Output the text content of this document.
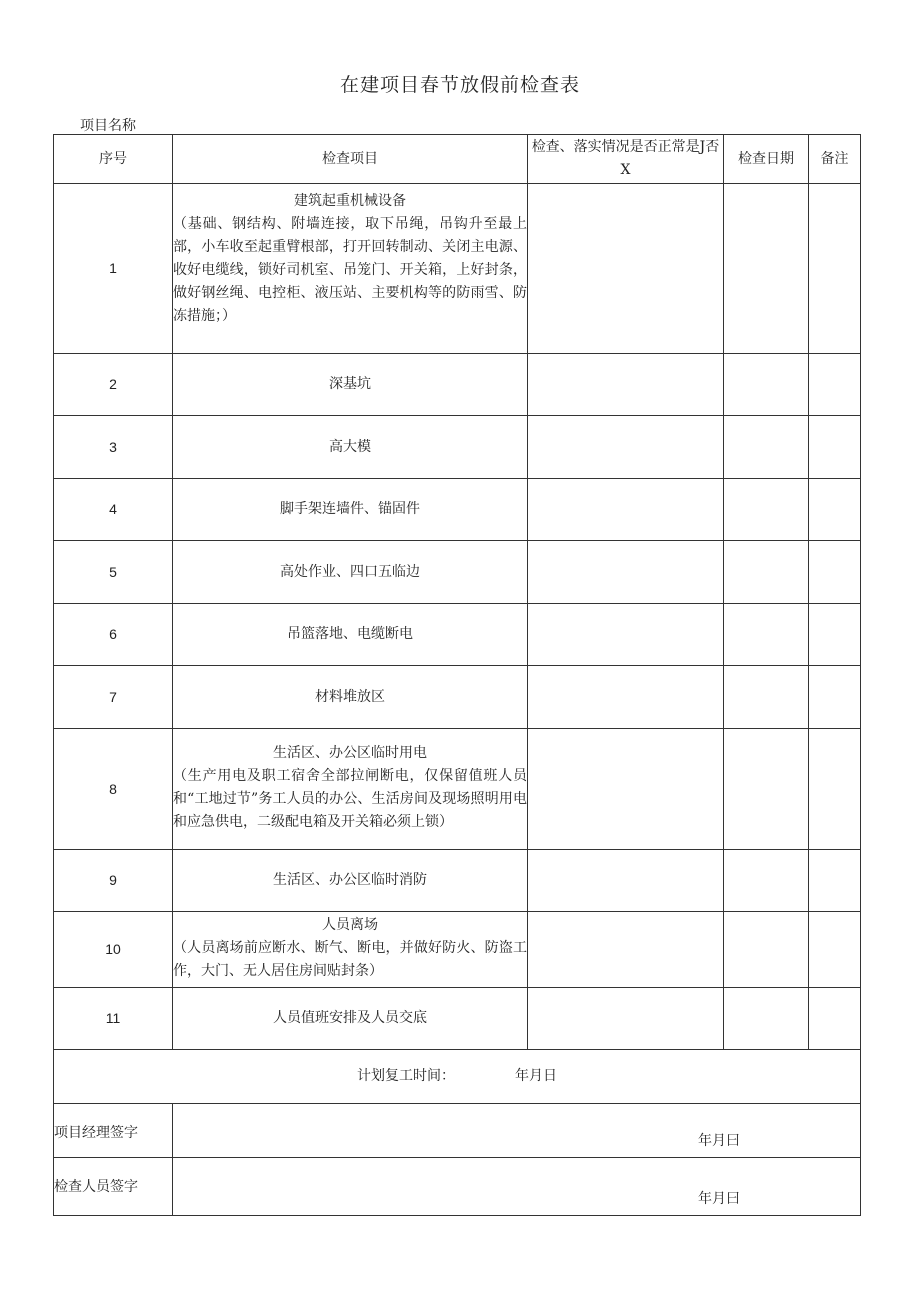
在建项目春节放假前检查表
项目名称
序号	检查项目	检查、落实情况是否正常是J否X	检查日期	备注
1	建筑起重机械设备
（基础、钢结构、附墙连接，取下吊绳，吊钩升至最上部，小车收至起重臂根部，打开回转制动、关闭主电源、收好电缆线，锁好司机室、吊笼门、开关箱，上好封条，做好钢丝绳、电控柜、液压站、主要机构等的防雨雪、防冻措施；）			

2	深基坑			
3	高大模			
4	脚手架连墙件、锚固件			
5	高处作业、四口五临边			
6	吊篮落地、电缆断电			
7	材料堆放区			
8	生活区、办公区临时用电
（生产用电及职工宿舍全部拉闸断电，仅保留值班人员和“工地过节”务工人员的办公、生活房间及现场照明用电和应急供电，二级配电箱及开关箱必须上锁）			

9	生活区、办公区临时消防			
10	人员离场
（人员离场前应断水、断气、断电，并做好防火、防盗工作，大门、无人居住房间贴封条）			

11	人员值班安排及人员交底			
计划复工时间： 年月日				
项目经理签字	年月曰			

检查人员签字	年月曰			
